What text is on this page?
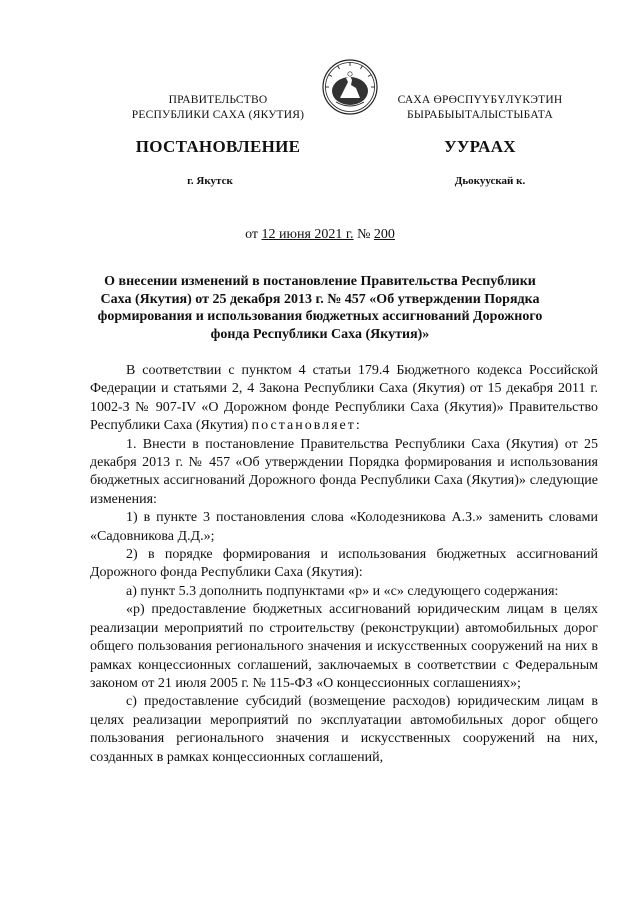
ПРАВИТЕЛЬСТВО
РЕСПУБЛИКИ САХА (ЯКУТИЯ)
САХА ӨРӨСПҮҮБҮЛҮКЭТИН
БЫРАБЫЫТАЛЫСТЫБАТА
ПОСТАНОВЛЕНИЕ	УУРААХ
г. Якутск	Дьокуускай к.
от 12 июня 2021 г. № 200
О внесении изменений в постановление Правительства Республики Саха (Якутия) от 25 декабря 2013 г. № 457 «Об утверждении Порядка формирования и использования бюджетных ассигнований Дорожного фонда Республики Саха (Якутия)»

В соответствии с пунктом 4 статьи 179.4 Бюджетного кодекса Российской Федерации и статьями 2, 4 Закона Республики Саха (Якутия) от 15 декабря 2011 г. 1002-З № 907-IV «О Дорожном фонде Республики Саха (Якутия)» Правительство Республики Саха (Якутия) постановляет:

1. Внести в постановление Правительства Республики Саха (Якутия) от 25 декабря 2013 г. № 457 «Об утверждении Порядка формирования и использования бюджетных ассигнований Дорожного фонда Республики Саха (Якутия)» следующие изменения:

1) в пункте 3 постановления слова «Колодезникова А.З.» заменить словами «Садовникова Д.Д.»;

2) в порядке формирования и использования бюджетных ассигнований Дорожного фонда Республики Саха (Якутия):

а) пункт 5.3 дополнить подпунктами «р» и «с» следующего содержания:

«р) предоставление бюджетных ассигнований юридическим лицам в целях реализации мероприятий по строительству (реконструкции) автомобильных дорог общего пользования регионального значения и искусственных сооружений на них в рамках концессионных соглашений, заключаемых в соответствии с Федеральным законом от 21 июля 2005 г. № 115-ФЗ «О концессионных соглашениях»;

с) предоставление субсидий (возмещение расходов) юридическим лицам в целях реализации мероприятий по эксплуатации автомобильных дорог общего пользования регионального значения и искусственных сооружений на них, созданных в рамках концессионных соглашений,
